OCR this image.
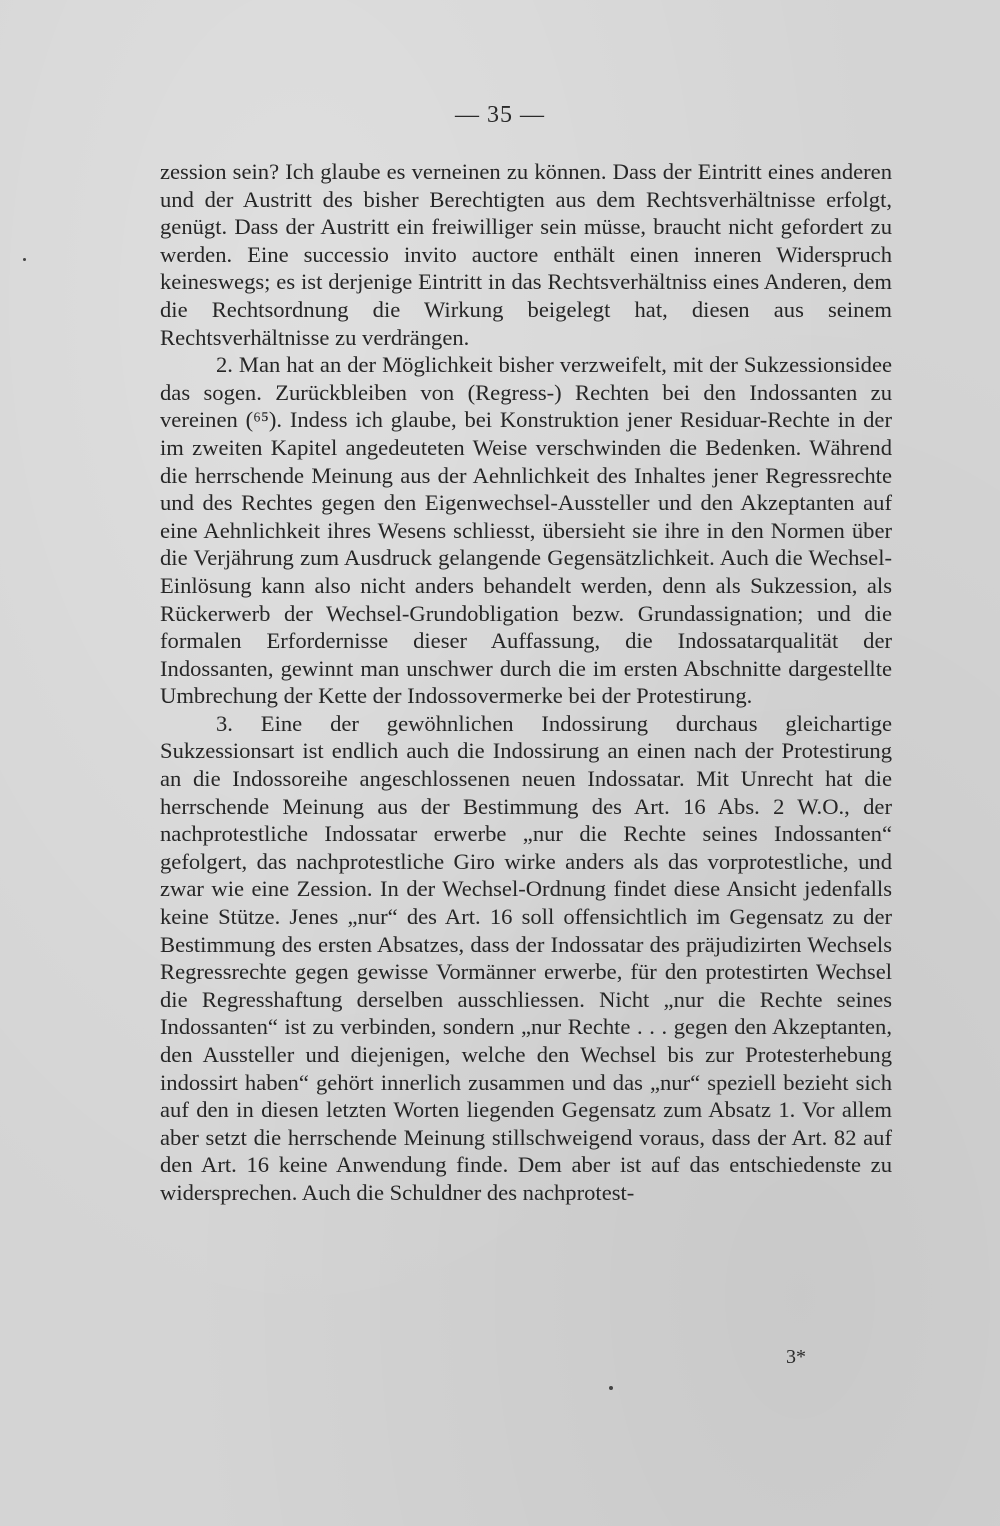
— 35 —

zession sein? Ich glaube es verneinen zu können. Dass der Eintritt eines anderen und der Austritt des bisher Berechtigten aus dem Rechtsverhältnisse erfolgt, genügt. Dass der Austritt ein freiwilliger sein müsse, braucht nicht gefordert zu werden. Eine successio invito auctore enthält einen inneren Widerspruch keineswegs; es ist derjenige Eintritt in das Rechtsverhältniss eines Anderen, dem die Rechtsordnung die Wirkung beigelegt hat, diesen aus seinem Rechtsverhältnisse zu verdrängen.

2. Man hat an der Möglichkeit bisher verzweifelt, mit der Sukzessionsidee das sogen. Zurückbleiben von (Regress-) Rechten bei den Indossanten zu vereinen (⁶⁵). Indess ich glaube, bei Konstruktion jener Residuar-Rechte in der im zweiten Kapitel angedeuteten Weise verschwinden die Bedenken. Während die herrschende Meinung aus der Aehnlichkeit des Inhaltes jener Regressrechte und des Rechtes gegen den Eigenwechsel-Aussteller und den Akzeptanten auf eine Aehnlichkeit ihres Wesens schliesst, übersieht sie ihre in den Normen über die Verjährung zum Ausdruck gelangende Gegensätzlichkeit. Auch die Wechsel-Einlösung kann also nicht anders behandelt werden, denn als Sukzession, als Rückerwerb der Wechsel-Grundobligation bezw. Grundassignation; und die formalen Erfordernisse dieser Auffassung, die Indossatarqualität der Indossanten, gewinnt man unschwer durch die im ersten Abschnitte dargestellte Umbrechung der Kette der Indossovermerke bei der Protestirung.

3. Eine der gewöhnlichen Indossirung durchaus gleichartige Sukzessionsart ist endlich auch die Indossirung an einen nach der Protestirung an die Indossoreihe angeschlossenen neuen Indossatar. Mit Unrecht hat die herrschende Meinung aus der Bestimmung des Art. 16 Abs. 2 W.O., der nachprotestliche Indossatar erwerbe „nur die Rechte seines Indossanten“ gefolgert, das nachprotestliche Giro wirke anders als das vorprotestliche, und zwar wie eine Zession. In der Wechsel-Ordnung findet diese Ansicht jedenfalls keine Stütze. Jenes „nur“ des Art. 16 soll offensichtlich im Gegensatz zu der Bestimmung des ersten Absatzes, dass der Indossatar des präjudizirten Wechsels Regressrechte gegen gewisse Vormänner erwerbe, für den protestirten Wechsel die Regresshaftung derselben ausschliessen. Nicht „nur die Rechte seines Indossanten“ ist zu verbinden, sondern „nur Rechte . . . gegen den Akzeptanten, den Aussteller und diejenigen, welche den Wechsel bis zur Protesterhebung indossirt haben“ gehört innerlich zusammen und das „nur“ speziell bezieht sich auf den in diesen letzten Worten liegenden Gegensatz zum Absatz 1. Vor allem aber setzt die herrschende Meinung stillschweigend voraus, dass der Art. 82 auf den Art. 16 keine Anwendung finde. Dem aber ist auf das entschiedenste zu widersprechen. Auch die Schuldner des nachprotest-

3*
